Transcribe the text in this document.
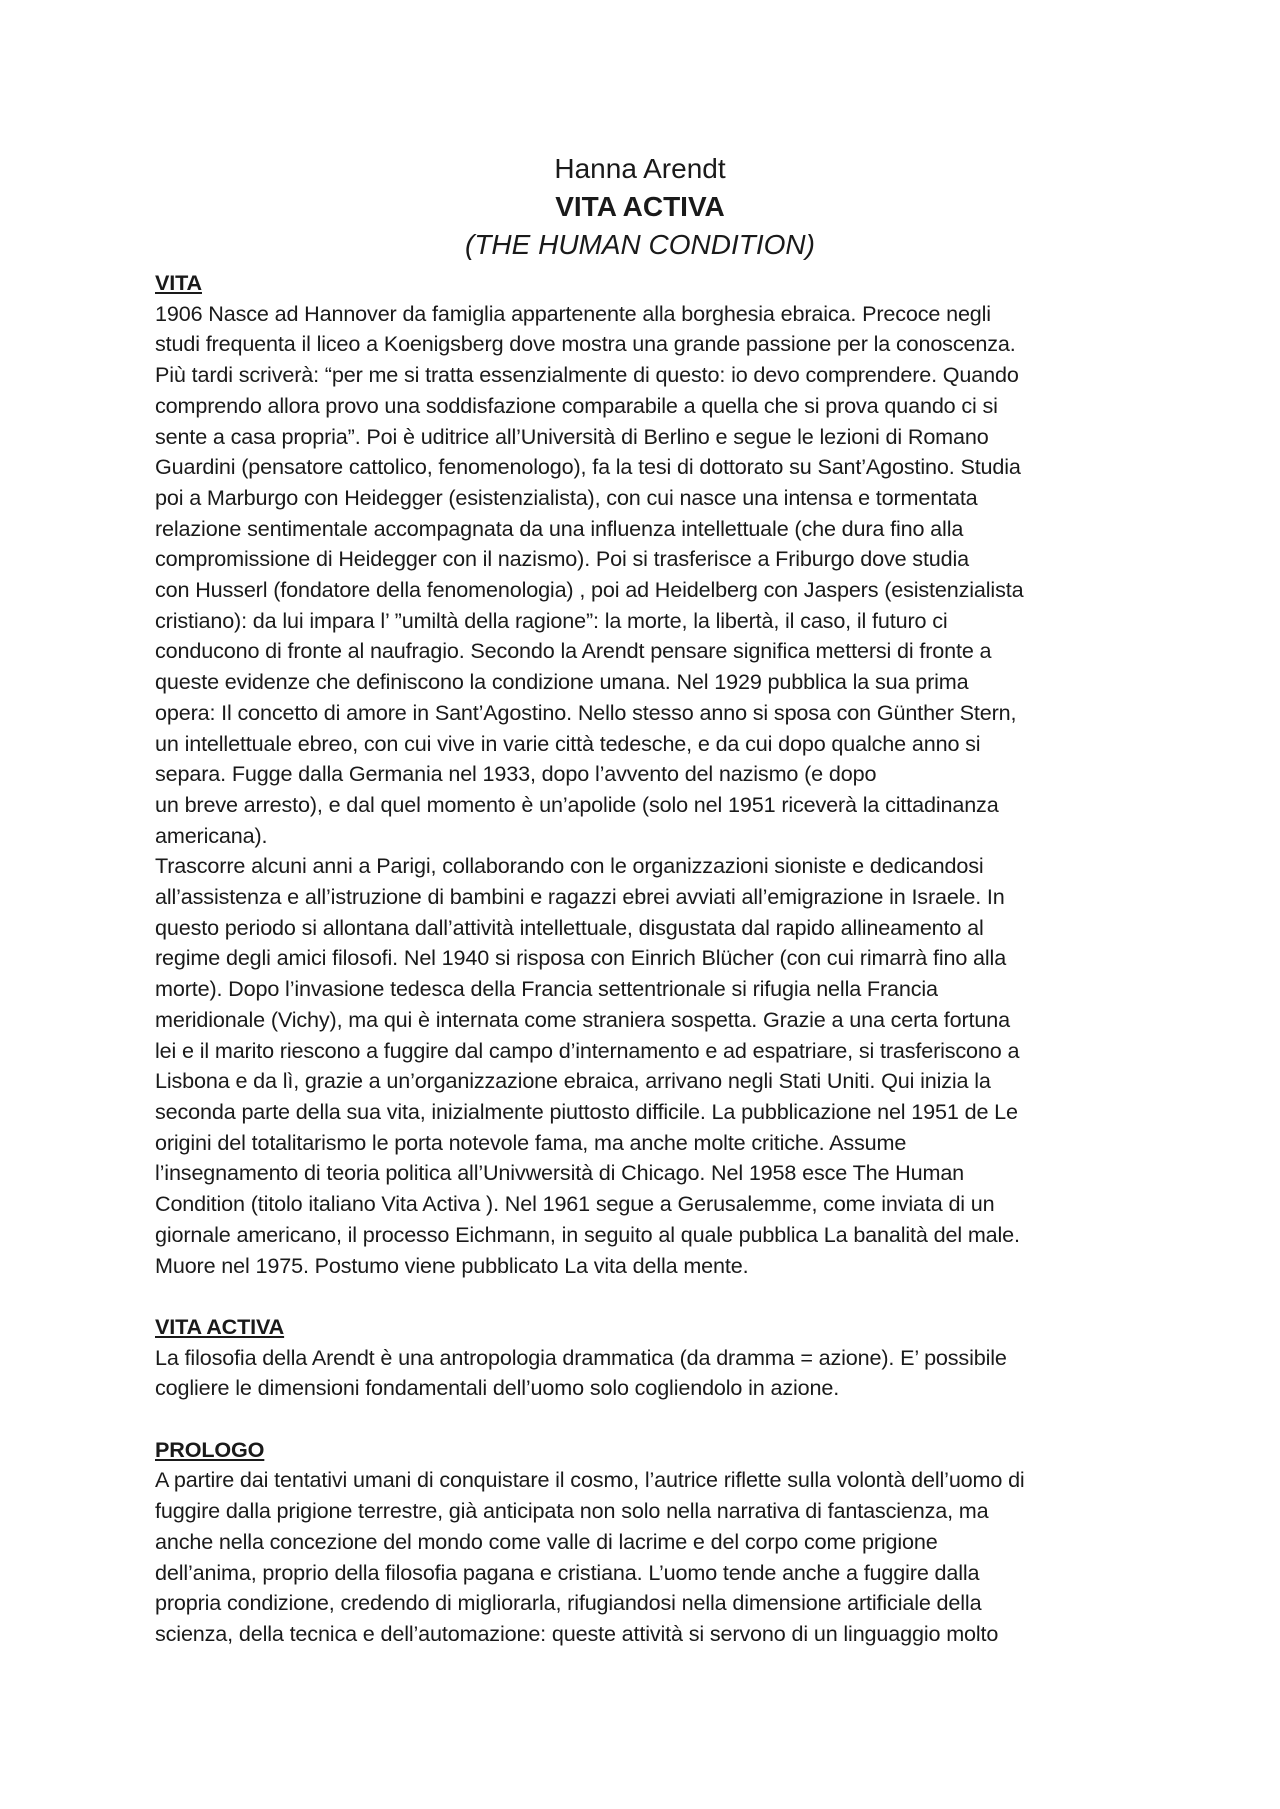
Hanna Arendt
VITA ACTIVA
(THE HUMAN CONDITION)
VITA

1906 Nasce ad Hannover da famiglia appartenente alla borghesia ebraica. Precoce negli

studi frequenta il liceo a Koenigsberg dove mostra una grande passione per la conoscenza.

Più tardi scriverà: “per me si tratta essenzialmente di questo: io devo comprendere. Quando

comprendo allora provo una soddisfazione comparabile a quella che si prova quando ci si

sente a casa propria”. Poi è uditrice all’Università di Berlino e segue le lezioni di Romano

Guardini (pensatore cattolico, fenomenologo), fa la tesi di dottorato su Sant’Agostino. Studia

poi a Marburgo con Heidegger (esistenzialista), con cui nasce una intensa e tormentata

relazione sentimentale accompagnata da una influenza intellettuale (che dura fino alla

compromissione di Heidegger con il nazismo). Poi si trasferisce a Friburgo dove studia

con Husserl (fondatore della fenomenologia) , poi ad Heidelberg con Jaspers (esistenzialista

cristiano): da lui impara l’ ”umiltà della ragione”: la morte, la libertà, il caso, il futuro ci

conducono di fronte al naufragio. Secondo la Arendt pensare significa mettersi di fronte a

queste evidenze che definiscono la condizione umana. Nel 1929 pubblica la sua prima

opera: Il concetto di amore in Sant’Agostino. Nello stesso anno si sposa con Günther Stern,

un intellettuale ebreo, con cui vive in varie città tedesche, e da cui dopo qualche anno si

separa. Fugge dalla Germania nel 1933, dopo l’avvento del nazismo (e dopo

un breve arresto), e dal quel momento è un’apolide (solo nel 1951 riceverà la cittadinanza

americana).

Trascorre alcuni anni a Parigi, collaborando con le organizzazioni sioniste e dedicandosi

all’assistenza e all’istruzione di bambini e ragazzi ebrei avviati all’emigrazione in Israele. In

questo periodo si allontana dall’attività intellettuale, disgustata dal rapido allineamento al

regime degli amici filosofi. Nel 1940 si risposa con Einrich Blücher (con cui rimarrà fino alla

morte). Dopo l’invasione tedesca della Francia settentrionale si rifugia nella Francia

meridionale (Vichy), ma qui è internata come straniera sospetta. Grazie a una certa fortuna

lei e il marito riescono a fuggire dal campo d’internamento e ad espatriare, si trasferiscono a

Lisbona e da lì, grazie a un’organizzazione ebraica, arrivano negli Stati Uniti. Qui inizia la

seconda parte della sua vita, inizialmente piuttosto difficile. La pubblicazione nel 1951 de Le

origini del totalitarismo le porta notevole fama, ma anche molte critiche. Assume

l’insegnamento di teoria politica all’Univwersità di Chicago. Nel 1958 esce The Human

Condition (titolo italiano Vita Activa ). Nel 1961 segue a Gerusalemme, come inviata di un

giornale americano, il processo Eichmann, in seguito al quale pubblica La banalità del male.

Muore nel 1975. Postumo viene pubblicato La vita della mente.

VITA ACTIVA

La filosofia della Arendt è una antropologia drammatica (da dramma = azione). E’ possibile

cogliere le dimensioni fondamentali dell’uomo solo cogliendolo in azione.

PROLOGO

A partire dai tentativi umani di conquistare il cosmo, l’autrice riflette sulla volontà dell’uomo di

fuggire dalla prigione terrestre, già anticipata non solo nella narrativa di fantascienza, ma

anche nella concezione del mondo come valle di lacrime e del corpo come prigione

dell’anima, proprio della filosofia pagana e cristiana. L’uomo tende anche a fuggire dalla

propria condizione, credendo di migliorarla, rifugiandosi nella dimensione artificiale della

scienza, della tecnica e dell’automazione: queste attività si servono di un linguaggio molto
